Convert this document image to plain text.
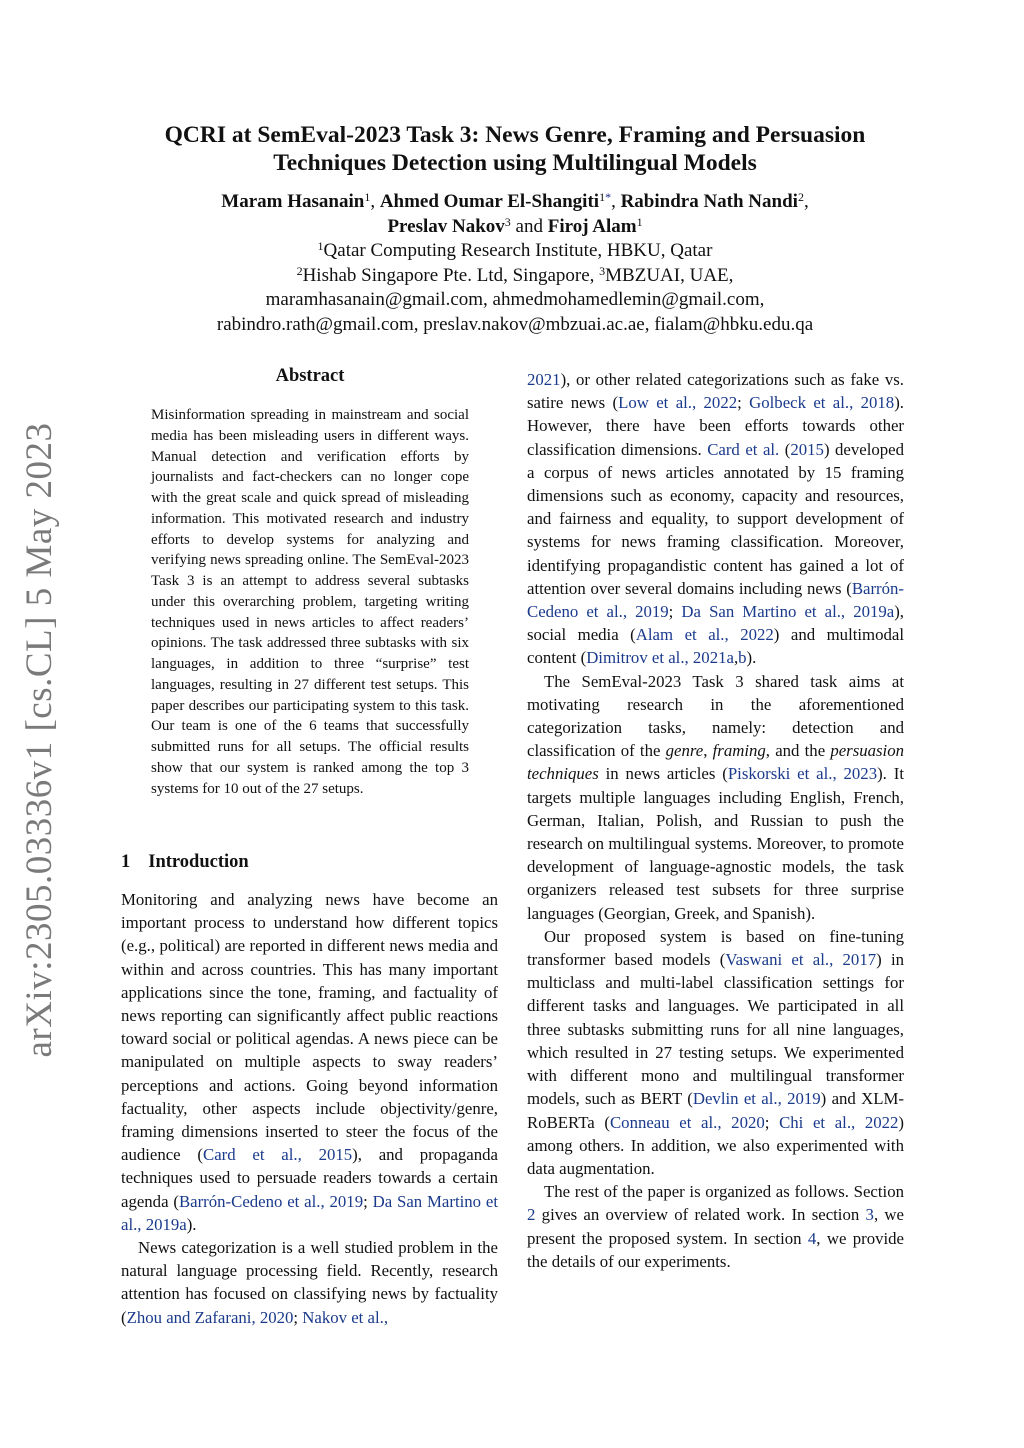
arXiv:2305.03336v1 [cs.CL] 5 May 2023
QCRI at SemEval-2023 Task 3: News Genre, Framing and Persuasion Techniques Detection using Multilingual Models
Maram Hasanain$^1$, Ahmed Oumar El-Shangiti$^{1*}$, Rabindra Nath Nandi$^2$,
Preslav Nakov$^3$ and Firoj Alam$^1$
$^1$Qatar Computing Research Institute, HBKU, Qatar
$^2$Hishab Singapore Pte. Ltd, Singapore, $^3$MBZUAI, UAE,
maramhasanain@gmail.com, ahmedmohamedlemin@gmail.com,
rabindro.rath@gmail.com, preslav.nakov@mbzuai.ac.ae, fialam@hbku.edu.qa
Abstract
Misinformation spreading in mainstream and social media has been misleading users in different ways. Manual detection and verification efforts by journalists and fact-checkers can no longer cope with the great scale and quick spread of misleading information. This motivated research and industry efforts to develop systems for analyzing and verifying news spreading online. The SemEval-2023 Task 3 is an attempt to address several subtasks under this overarching problem, targeting writing techniques used in news articles to affect readers’ opinions. The task addressed three subtasks with six languages, in addition to three “surprise” test languages, resulting in 27 different test setups. This paper describes our participating system to this task. Our team is one of the 6 teams that successfully submitted runs for all setups. The official results show that our system is ranked among the top 3 systems for 10 out of the 27 setups.
1 Introduction

Monitoring and analyzing news have become an important process to understand how different topics (e.g., political) are reported in different news media and within and across countries. This has many important applications since the tone, framing, and factuality of news reporting can significantly affect public reactions toward social or political agendas. A news piece can be manipulated on multiple aspects to sway readers’ perceptions and actions. Going beyond information factuality, other aspects include objectivity/genre, framing dimensions inserted to steer the focus of the audience (Card et al., 2015), and propaganda techniques used to persuade readers towards a certain agenda (Barrón-Cedeno et al., 2019; Da San Martino et al., 2019a).

News categorization is a well studied problem in the natural language processing field. Recently, research attention has focused on classifying news by factuality (Zhou and Zafarani, 2020; Nakov et al.,

2021), or other related categorizations such as fake vs. satire news (Low et al., 2022; Golbeck et al., 2018). However, there have been efforts towards other classification dimensions. Card et al. (2015) developed a corpus of news articles annotated by 15 framing dimensions such as economy, capacity and resources, and fairness and equality, to support development of systems for news framing classification. Moreover, identifying propagandistic content has gained a lot of attention over several domains including news (Barrón-Cedeno et al., 2019; Da San Martino et al., 2019a), social media (Alam et al., 2022) and multimodal content (Dimitrov et al., 2021a,b).

The SemEval-2023 Task 3 shared task aims at motivating research in the aforementioned categorization tasks, namely: detection and classification of the genre, framing, and the persuasion techniques in news articles (Piskorski et al., 2023). It targets multiple languages including English, French, German, Italian, Polish, and Russian to push the research on multilingual systems. Moreover, to promote development of language-agnostic models, the task organizers released test subsets for three surprise languages (Georgian, Greek, and Spanish).

Our proposed system is based on fine-tuning transformer based models (Vaswani et al., 2017) in multiclass and multi-label classification settings for different tasks and languages. We participated in all three subtasks submitting runs for all nine languages, which resulted in 27 testing setups. We experimented with different mono and multilingual transformer models, such as BERT (Devlin et al., 2019) and XLM-RoBERTa (Conneau et al., 2020; Chi et al., 2022) among others. In addition, we also experimented with data augmentation.

The rest of the paper is organized as follows. Section 2 gives an overview of related work. In section 3, we present the proposed system. In section 4, we provide the details of our experiments.
